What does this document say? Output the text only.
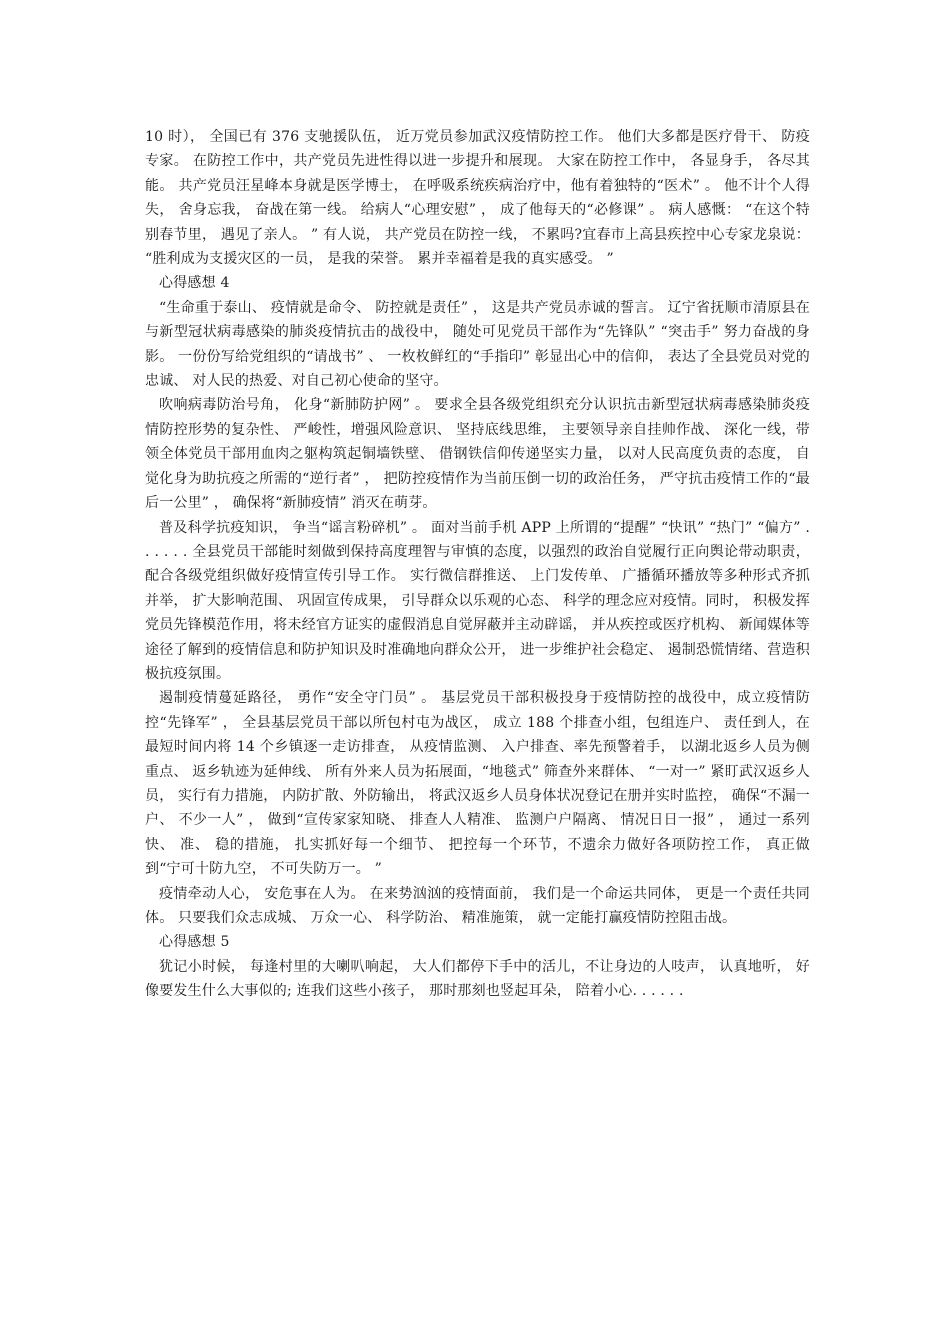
10 时）， 全国已有 376 支驰援队伍， 近万党员参加武汉疫情防控工作。 他们大多都是医疗骨干、 防疫专家。 在防控工作中，共产党员先进性得以进一步提升和展现。 大家在防控工作中， 各显身手， 各尽其能。 共产党员汪星峰本身就是医学博士， 在呼吸系统疾病治疗中，他有着独特的“医术” 。 他不计个人得失， 舍身忘我， 奋战在第一线。 给病人“心理安慰” ， 成了他每天的“必修课” 。 病人感慨： “在这个特别春节里， 遇见了亲人。 ” 有人说， 共产党员在防控一线， 不累吗?宜春市上高县疾控中心专家龙泉说： “胜利成为支援灾区的一员， 是我的荣誉。 累并幸福着是我的真实感受。 ”

心得感想 4

“生命重于泰山、 疫情就是命令、 防控就是责任” ， 这是共产党员赤诚的誓言。 辽宁省抚顺市清原县在与新型冠状病毒感染的肺炎疫情抗击的战役中， 随处可见党员干部作为“先锋队” “突击手” 努力奋战的身影。 一份份写给党组织的“请战书” 、 一枚枚鲜红的“手指印” 彰显出心中的信仰， 表达了全县党员对党的忠诚、 对人民的热爱、对自己初心使命的坚守。

吹响病毒防治号角， 化身“新肺防护网” 。 要求全县各级党组织充分认识抗击新型冠状病毒感染肺炎疫情防控形势的复杂性、 严峻性，增强风险意识、 坚持底线思维， 主要领导亲自挂帅作战、 深化一线，带领全体党员干部用血肉之躯构筑起铜墙铁壁、 借钢铁信仰传递坚实力量， 以对人民高度负责的态度， 自觉化身为助抗疫之所需的“逆行者” ， 把防控疫情作为当前压倒一切的政治任务， 严守抗击疫情工作的“最后一公里” ， 确保将“新肺疫情” 消灭在萌芽。

普及科学抗疫知识， 争当“谣言粉碎机” 。 面对当前手机 APP 上所谓的“提醒” “快讯” “热门” “偏方” . . . . . . 全县党员干部能时刻做到保持高度理智与审慎的态度，以强烈的政治自觉履行正向舆论带动职责， 配合各级党组织做好疫情宣传引导工作。 实行微信群推送、 上门发传单、 广播循环播放等多种形式齐抓并举， 扩大影响范围、 巩固宣传成果， 引导群众以乐观的心态、 科学的理念应对疫情。同时， 积极发挥党员先锋模范作用，将未经官方证实的虚假消息自觉屏蔽并主动辟谣， 并从疾控或医疗机构、 新闻媒体等途径了解到的疫情信息和防护知识及时准确地向群众公开， 进一步维护社会稳定、 遏制恐慌情绪、营造积极抗疫氛围。

遏制疫情蔓延路径， 勇作“安全守门员” 。 基层党员干部积极投身于疫情防控的战役中，成立疫情防控“先锋军” ， 全县基层党员干部以所包村屯为战区， 成立 188 个排查小组，包组连户、 责任到人，在最短时间内将 14 个乡镇逐一走访排查， 从疫情监测、 入户排查、率先预警着手， 以湖北返乡人员为侧重点、 返乡轨迹为延伸线、 所有外来人员为拓展面，“地毯式” 筛查外来群体、 “一对一” 紧盯武汉返乡人员， 实行有力措施， 内防扩散、外防输出， 将武汉返乡人员身体状况登记在册并实时监控， 确保“不漏一户、 不少一人” ， 做到“宣传家家知晓、 排查人人精准、 监测户户隔离、 情况日日一报” ， 通过一系列快、 准、 稳的措施， 扎实抓好每一个细节、 把控每一个环节，不遗余力做好各项防控工作， 真正做到“宁可十防九空， 不可失防万一。 ”

疫情牵动人心， 安危事在人为。 在来势汹汹的疫情面前， 我们是一个命运共同体， 更是一个责任共同体。 只要我们众志成城、 万众一心、 科学防治、 精准施策， 就一定能打赢疫情防控阻击战。

心得感想 5

犹记小时候， 每逢村里的大喇叭响起， 大人们都停下手中的活儿，不让身边的人吱声， 认真地听， 好像要发生什么大事似的; 连我们这些小孩子， 那时那刻也竖起耳朵， 陪着小心. . . . . .
